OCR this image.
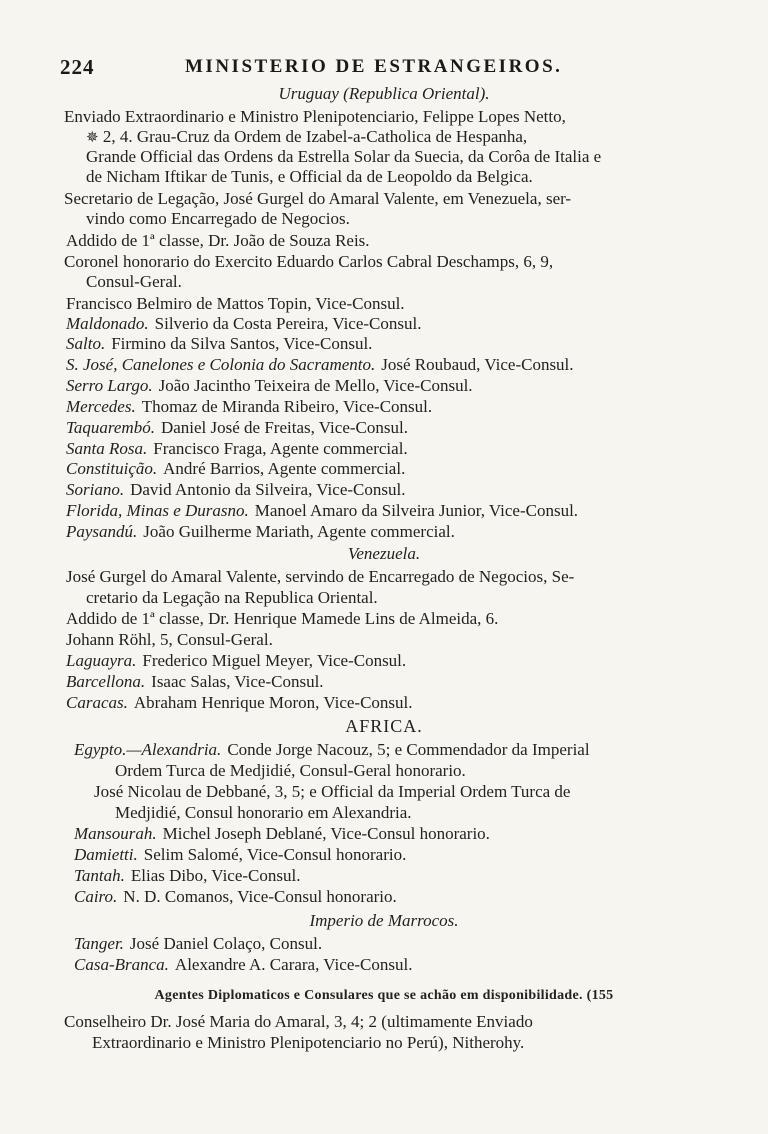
224	MINISTERIO DE ESTRANGEIROS.
Uruguay (Republica Oriental).
Enviado Extraordinario e Ministro Plenipotenciario, Felippe Lopes Netto,
✵ 2, 4. Grau-Cruz da Ordem de Izabel-a-Catholica de Hespanha,
Grande Official das Ordens da Estrella Solar da Suecia, da Corôa de Italia e
de Nicham Iftikar de Tunis, e Official da de Leopoldo da Belgica.
Secretario de Legação, José Gurgel do Amaral Valente, em Venezuela, ser-
vindo como Encarregado de Negocios.
Addido de 1ª classe, Dr. João de Souza Reis.
Coronel honorario do Exercito Eduardo Carlos Cabral Deschamps, 6, 9,
Consul-Geral.
Francisco Belmiro de Mattos Topin, Vice-Consul.
Maldonado. Silverio da Costa Pereira, Vice-Consul.
Salto. Firmino da Silva Santos, Vice-Consul.
S. José, Canelones e Colonia do Sacramento. José Roubaud, Vice-Consul.
Serro Largo. João Jacintho Teixeira de Mello, Vice-Consul.
Mercedes. Thomaz de Miranda Ribeiro, Vice-Consul.
Taquarembó. Daniel José de Freitas, Vice-Consul.
Santa Rosa. Francisco Fraga, Agente commercial.
Constituição. André Barrios, Agente commercial.
Soriano. David Antonio da Silveira, Vice-Consul.
Florida, Minas e Durasno. Manoel Amaro da Silveira Junior, Vice-Consul.
Paysandú. João Guilherme Mariath, Agente commercial.
Venezuela.
José Gurgel do Amaral Valente, servindo de Encarregado de Negocios, Se-
cretario da Legação na Republica Oriental.
Addido de 1ª classe, Dr. Henrique Mamede Lins de Almeida, 6.
Johann Röhl, 5, Consul-Geral.
Laguayra. Frederico Miguel Meyer, Vice-Consul.
Barcellona. Isaac Salas, Vice-Consul.
Caracas. Abraham Henrique Moron, Vice-Consul.
AFRICA.
Egypto.—Alexandria. Conde Jorge Nacouz, 5; e Commendador da Imperial
Ordem Turca de Medjidié, Consul-Geral honorario.
José Nicolau de Debbané, 3, 5; e Official da Imperial Ordem Turca de
Medjidié, Consul honorario em Alexandria.
Mansourah. Michel Joseph Deblané, Vice-Consul honorario.
Damietti. Selim Salomé, Vice-Consul honorario.
Tantah. Elias Dibo, Vice-Consul.
Cairo. N. D. Comanos, Vice-Consul honorario.
Imperio de Marrocos.
Tanger. José Daniel Colaço, Consul.
Casa-Branca. Alexandre A. Carara, Vice-Consul.
Agentes Diplomaticos e Consulares que se achão em disponibilidade. (155
Conselheiro Dr. José Maria do Amaral, 3, 4; 2 (ultimamente Enviado
Extraordinario e Ministro Plenipotenciario no Perú), Nitherohy.
